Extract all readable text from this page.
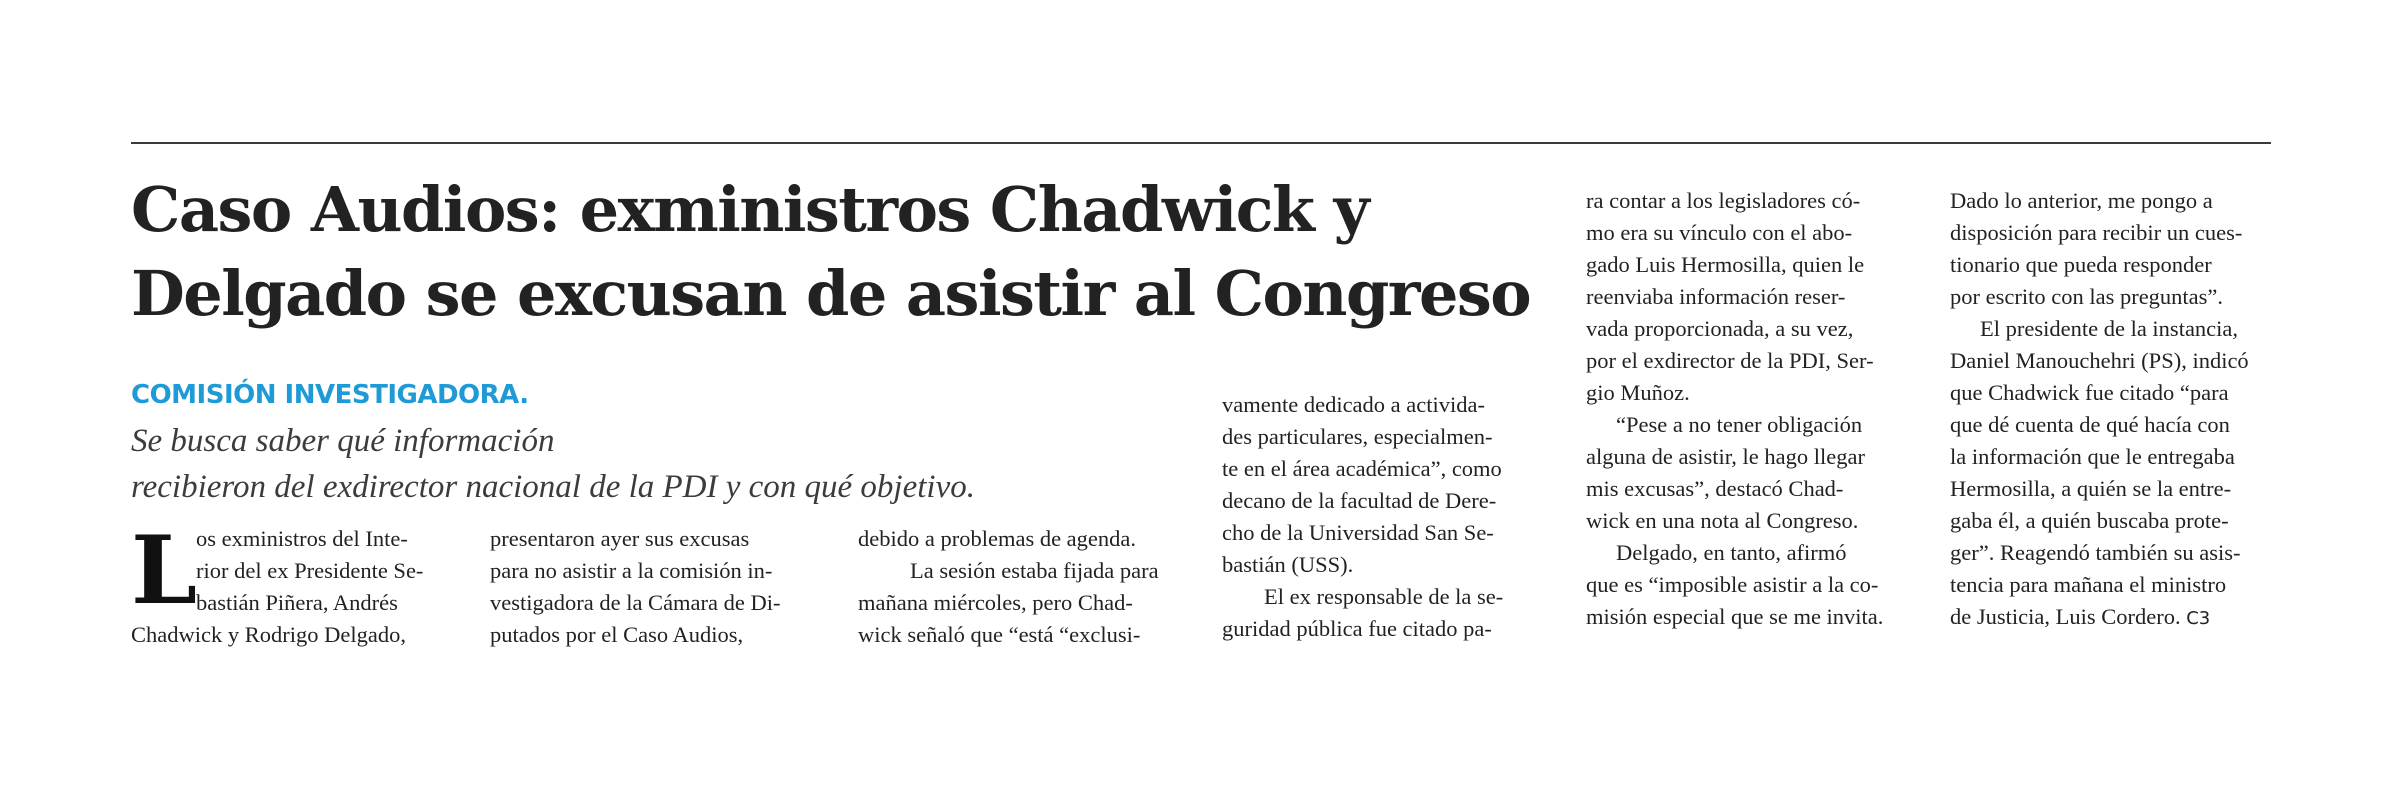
Caso Audios: exministros Chadwick y
Delgado se excusan de asistir al Congreso

COMISIÓN INVESTIGADORA.
Se busca saber qué información
recibieron del exdirector nacional de la PDI y con qué objetivo.

L

os exministros del Inte-
rior del ex Presidente Se-
bastián Piñera, Andrés
Chadwick y Rodrigo Delgado,

presentaron ayer sus excusas
para no asistir a la comisión in-
vestigadora de la Cámara de Di-
putados por el Caso Audios,

debido a problemas de agenda.
La sesión estaba fijada para
mañana miércoles, pero Chad-
wick señaló que “está “exclusi-

vamente dedicado a activida-
des particulares, especialmen-
te en el área académica”, como
decano de la facultad de Dere-
cho de la Universidad San Se-
bastián (USS).
El ex responsable de la se-
guridad pública fue citado pa-

ra contar a los legisladores có-
mo era su vínculo con el abo-
gado Luis Hermosilla, quien le
reenviaba información reser-
vada proporcionada, a su vez,
por el exdirector de la PDI, Ser-
gio Muñoz.
“Pese a no tener obligación
alguna de asistir, le hago llegar
mis excusas”, destacó Chad-
wick en una nota al Congreso.
Delgado, en tanto, afirmó
que es “imposible asistir a la co-
misión especial que se me invita.

Dado lo anterior, me pongo a
disposición para recibir un cues-
tionario que pueda responder
por escrito con las preguntas”.
El presidente de la instancia,
Daniel Manouchehri (PS), indicó
que Chadwick fue citado “para
que dé cuenta de qué hacía con
la información que le entregaba
Hermosilla, a quién se la entre-
gaba él, a quién buscaba prote-
ger”. Reagendó también su asis-
tencia para mañana el ministro
de Justicia, Luis Cordero. C3
